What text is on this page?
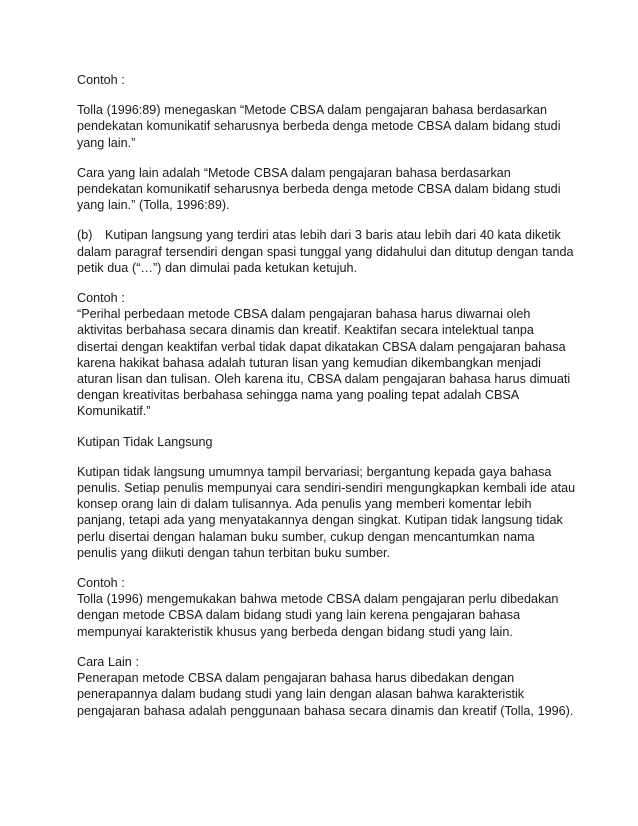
Contoh :

Tolla (1996:89) menegaskan “Metode CBSA dalam pengajaran bahasa berdasarkan pendekatan komunikatif seharusnya berbeda denga metode CBSA dalam bidang studi yang lain.”

Cara yang lain adalah “Metode CBSA dalam pengajaran bahasa berdasarkan pendekatan komunikatif seharusnya berbeda denga metode CBSA dalam bidang studi yang lain.” (Tolla, 1996:89).

(b) Kutipan langsung yang terdiri atas lebih dari 3 baris atau lebih dari 40 kata diketik dalam paragraf tersendiri dengan spasi tunggal yang didahului dan ditutup dengan tanda petik dua (“…”) dan dimulai pada ketukan ketujuh.

Contoh :

“Perihal perbedaan metode CBSA dalam pengajaran bahasa harus diwarnai oleh aktivitas berbahasa secara dinamis dan kreatif. Keaktifan secara intelektual tanpa disertai dengan keaktifan verbal tidak dapat dikatakan CBSA dalam pengajaran bahasa karena hakikat bahasa adalah tuturan lisan yang kemudian dikembangkan menjadi aturan lisan dan tulisan. Oleh karena itu, CBSA dalam pengajaran bahasa harus dimuati dengan kreativitas berbahasa sehingga nama yang poaling tepat adalah CBSA Komunikatif.”

Kutipan Tidak Langsung

Kutipan tidak langsung umumnya tampil bervariasi; bergantung kepada gaya bahasa penulis. Setiap penulis mempunyai cara sendiri-sendiri mengungkapkan kembali ide atau konsep orang lain di dalam tulisannya. Ada penulis yang memberi komentar lebih panjang, tetapi ada yang menyatakannya dengan singkat. Kutipan tidak langsung tidak perlu disertai dengan halaman buku sumber, cukup dengan mencantumkan nama penulis yang diikuti dengan tahun terbitan buku sumber.

Contoh :

Tolla (1996) mengemukakan bahwa metode CBSA dalam pengajaran perlu dibedakan dengan metode CBSA dalam bidang studi yang lain kerena pengajaran bahasa mempunyai karakteristik khusus yang berbeda dengan bidang studi yang lain.

Cara Lain :

Penerapan metode CBSA dalam pengajaran bahasa harus dibedakan dengan penerapannya dalam budang studi yang lain dengan alasan bahwa karakteristik pengajaran bahasa adalah penggunaan bahasa secara dinamis dan kreatif (Tolla, 1996).
